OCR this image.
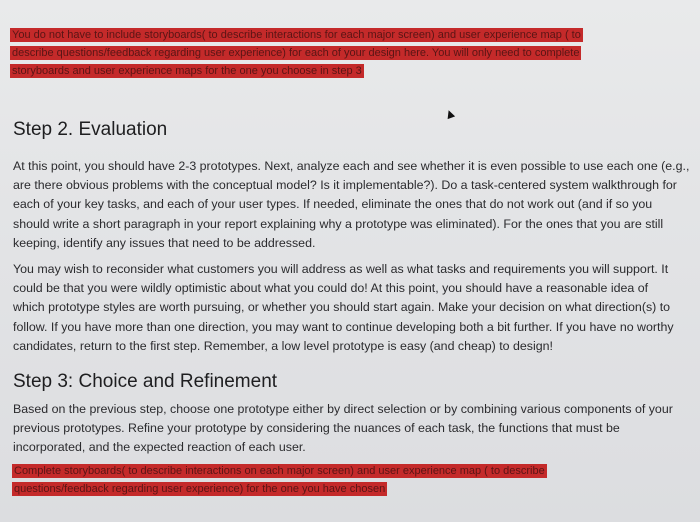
You do not have to include storyboards( to describe interactions for each major screen) and user experience map ( to
describe questions/feedback regarding user experience) for each of your design here. You will only need to complete
storyboards and user experience maps for the one you choose in step 3
Step 2. Evaluation

At this point, you should have 2-3 prototypes. Next, analyze each and see whether it is even possible to use each one (e.g.,
are there obvious problems with the conceptual model? Is it implementable?). Do a task-centered system walkthrough for
each of your key tasks, and each of your user types. If needed, eliminate the ones that do not work out (and if so you
should write a short paragraph in your report explaining why a prototype was eliminated). For the ones that you are still
keeping, identify any issues that need to be addressed.

You may wish to reconsider what customers you will address as well as what tasks and requirements you will support. It
could be that you were wildly optimistic about what you could do! At this point, you should have a reasonable idea of
which prototype styles are worth pursuing, or whether you should start again. Make your decision on what direction(s) to
follow. If you have more than one direction, you may want to continue developing both a bit further. If you have no worthy
candidates, return to the first step. Remember, a low level prototype is easy (and cheap) to design!

Step 3: Choice and Refinement

Based on the previous step, choose one prototype either by direct selection or by combining various components of your
previous prototypes. Refine your prototype by considering the nuances of each task, the functions that must be
incorporated, and the expected reaction of each user.

Complete storyboards( to describe interactions on each major screen) and user experience map ( to describe
questions/feedback regarding user experience) for the one you have chosen
